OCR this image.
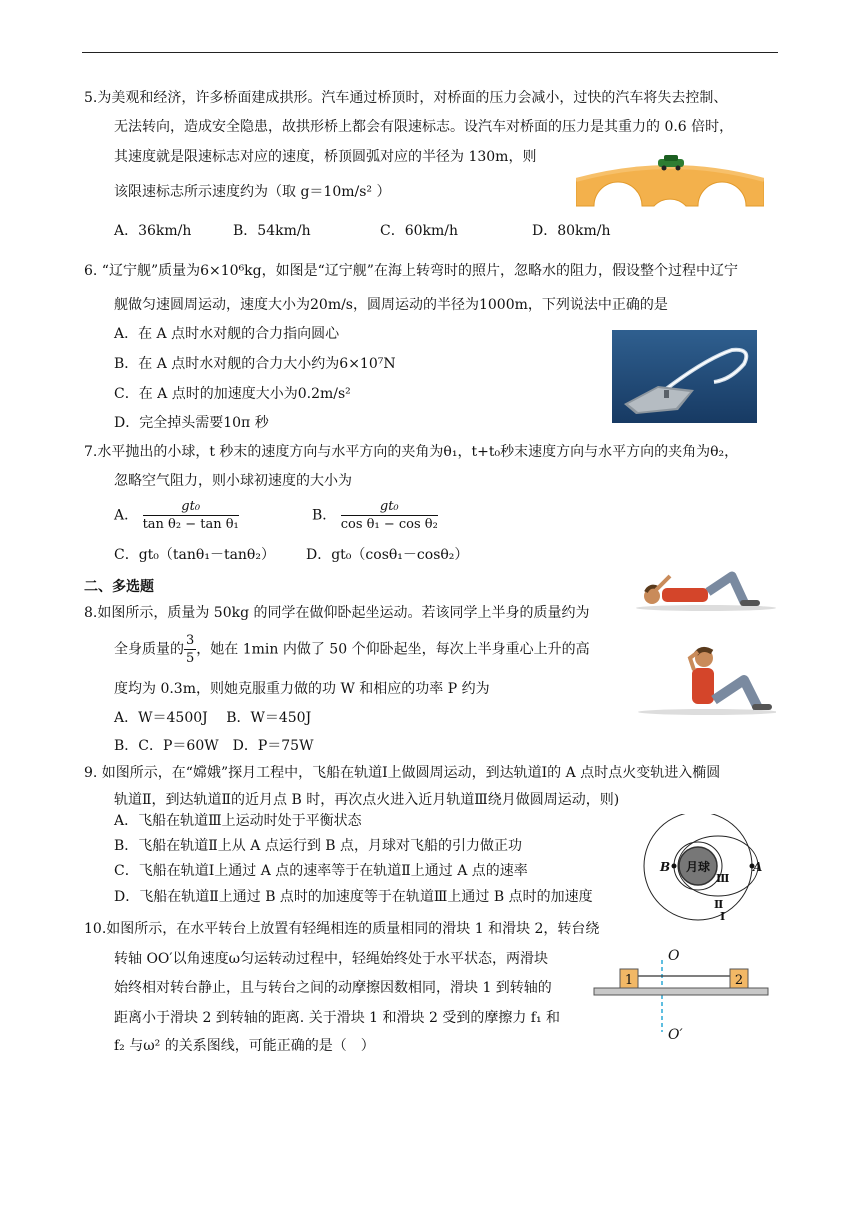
5.为美观和经济，许多桥面建成拱形。汽车通过桥顶时，对桥面的压力会减小，过快的汽车将失去控制、
无法转向，造成安全隐患，故拱形桥上都会有限速标志。设汽车对桥面的压力是其重力的 0.6 倍时，
其速度就是限速标志对应的速度，桥顶圆弧对应的半径为 130m，则
该限速标志所示速度约为（取 g＝10m/s² ）
A．36km/h	B．54km/h	C．60km/h	D．80km/h
6. “辽宁舰”质量为6×10⁶kg，如图是“辽宁舰”在海上转弯时的照片，忽略水的阻力，假设整个过程中辽宁
舰做匀速圆周运动，速度大小为20m/s，圆周运动的半径为1000m，下列说法中正确的是
A．在 A 点时水对舰的合力指向圆心
B．在 A 点时水对舰的合力大小约为6×10⁷N
C．在 A 点时的加速度大小为0.2m/s²
D．完全掉头需要10π 秒
7.水平抛出的小球，t 秒末的速度方向与水平方向的夹角为θ₁，t+t₀秒末速度方向与水平方向的夹角为θ₂，
忽略空气阻力，则小球初速度的大小为
A． $\frac{\text{gt₀}}{\text{tan θ₂ − tan θ₁}}$	B． $\frac{\text{gt₀}}{\text{cos θ₁ − cos θ₂}}$
C．gt₀（tanθ₁－tanθ₂） D．gt₀（cosθ₁－cosθ₂）
二、多选题
8.如图所示，质量为 50kg 的同学在做仰卧起坐运动。若该同学上半身的质量约为
全身质量的 $\frac{3}{5}$ ，她在 1min 内做了 50 个仰卧起坐，每次上半身重心上升的高
度均为 0.3m，则她克服重力做的功 W 和相应的功率 P 约为
A．W＝4500J　 B．W＝450J
B．C．P＝60W　D．P＝75W
9. 如图所示，在“嫦娥”探月工程中，飞船在轨道Ⅰ上做圆周运动，到达轨道Ⅰ的 A 点时点火变轨进入椭圆
轨道Ⅱ，到达轨道Ⅱ的近月点 B 时，再次点火进入近月轨道Ⅲ绕月做圆周运动，则)
A．飞船在轨道Ⅲ上运动时处于平衡状态
B．飞船在轨道Ⅱ上从 A 点运行到 B 点，月球对飞船的引力做正功
C．飞船在轨道Ⅰ上通过 A 点的速率等于在轨道Ⅱ上通过 A 点的速率
D．飞船在轨道Ⅱ上通过 B 点时的加速度等于在轨道Ⅲ上通过 B 点时的加速度
月球
B	A
Ⅲ
Ⅱ
Ⅰ
10.如图所示，在水平转台上放置有轻绳相连的质量相同的滑块 1 和滑块 2，转台绕
转轴 OO′以角速度ω匀运转动过程中，轻绳始终处于水平状态，两滑块
始终相对转台静止，且与转台之间的动摩擦因数相同，滑块 1 到转轴的
距离小于滑块 2 到转轴的距离. 关于滑块 1 和滑块 2 受到的摩擦力 f₁ 和
f₂ 与ω² 的关系图线，可能正确的是（　）
O
O′
1	2
